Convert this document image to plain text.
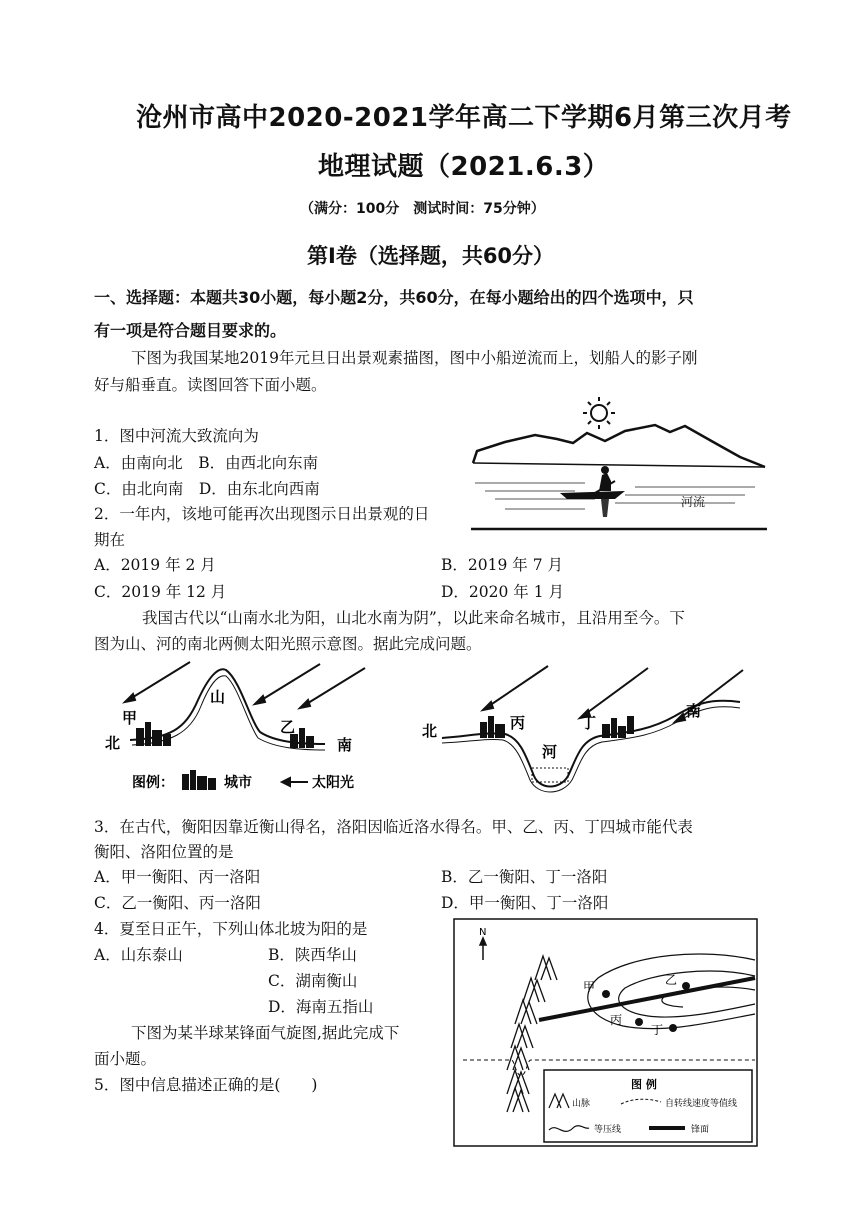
沧州市高中2020-2021学年高二下学期6月第三次月考
地理试题（2021.6.3）
（满分：100分　测试时间：75分钟）
第Ⅰ卷（选择题，共60分）
一、选择题：本题共30小题，每小题2分，共60分，在每小题给出的四个选项中，只
有一项是符合题目要求的。
下图为我国某地2019年元旦日出景观素描图，图中小船逆流而上，划船人的影子刚
好与船垂直。读图回答下面小题。
河流
1．图中河流大致流向为
A．由南向北　B．由西北向东南
C．由北向南　D．由东北向西南
2．一年内，该地可能再次出现图示日出景观的日
期在
A．2019 年 2 月	B．2019 年 7 月
C．2019 年 12 月	D．2020 年 1 月
我国古代以“山南水北为阳，山北水南为阴”，以此来命名城市，且沿用至今。下
图为山、河的南北两侧太阳光照示意图。据此完成问题。
山
甲
北
乙
南
图例：	城市	太阳光
北	丙
河
丁
南
3．在古代，衡阳因靠近衡山得名，洛阳因临近洛水得名。甲、乙、丙、丁四城市能代表
衡阳、洛阳位置的是
A．甲一衡阳、丙一洛阳	B．乙一衡阳、丁一洛阳
C．乙一衡阳、丙一洛阳	D．甲一衡阳、丁一洛阳
4．夏至日正午，下列山体北坡为阳的是
A．山东泰山	B．陕西华山
C．湖南衡山
D．海南五指山
下图为某半球某锋面气旋图,据此完成下
面小题。
5．图中信息描述正确的是(　　)
N
甲	乙
丙
丁
图 例
山脉	自转线速度等值线
等压线	锋面
